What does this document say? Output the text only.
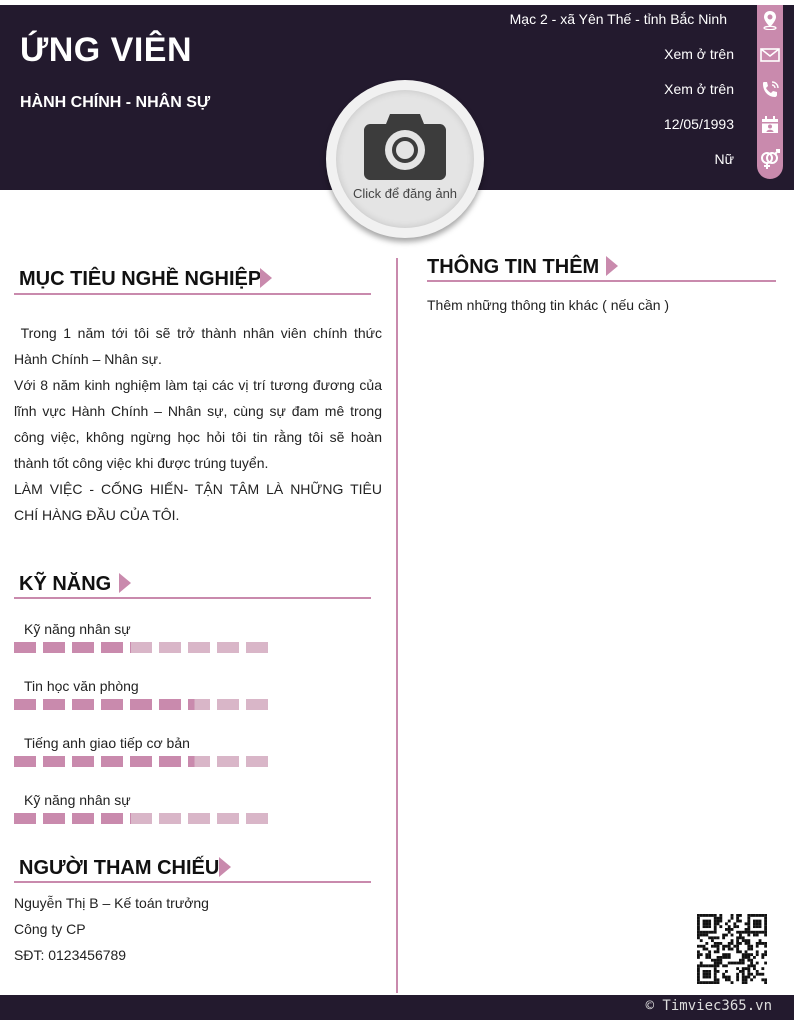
ỨNG VIÊN
HÀNH CHÍNH - NHÂN SỰ
Mạc 2 - xã Yên Thế - tỉnh Bắc Ninh
Xem ở trên
Xem ở trên
12/05/1993
Nữ
Click để đăng ảnh
MỤC TIÊU NGHỀ NGHIỆP
Trong 1 năm tới tôi sẽ trở thành nhân viên chính thức Hành Chính – Nhân sự.
Với 8 năm kinh nghiệm làm tại các vị trí tương đương của lĩnh vực Hành Chính – Nhân sự, cùng sự đam mê trong công việc, không ngừng học hỏi tôi tin rằng tôi sẽ hoàn thành tốt công việc khi được trúng tuyển.
LÀM VIỆC - CỐNG HIẾN- TẬN TÂM LÀ NHỮNG TIÊU CHÍ HÀNG ĐẦU CỦA TÔI.
KỸ NĂNG
Kỹ năng nhân sự
Tin học văn phòng
Tiếng anh giao tiếp cơ bản
Kỹ năng nhân sự
NGƯỜI THAM CHIẾU
Nguyễn Thị B – Kế toán trưởng
Công ty CP
SĐT: 0123456789
THÔNG TIN THÊM
Thêm những thông tin khác ( nếu cần )
© Timviec365.vn
